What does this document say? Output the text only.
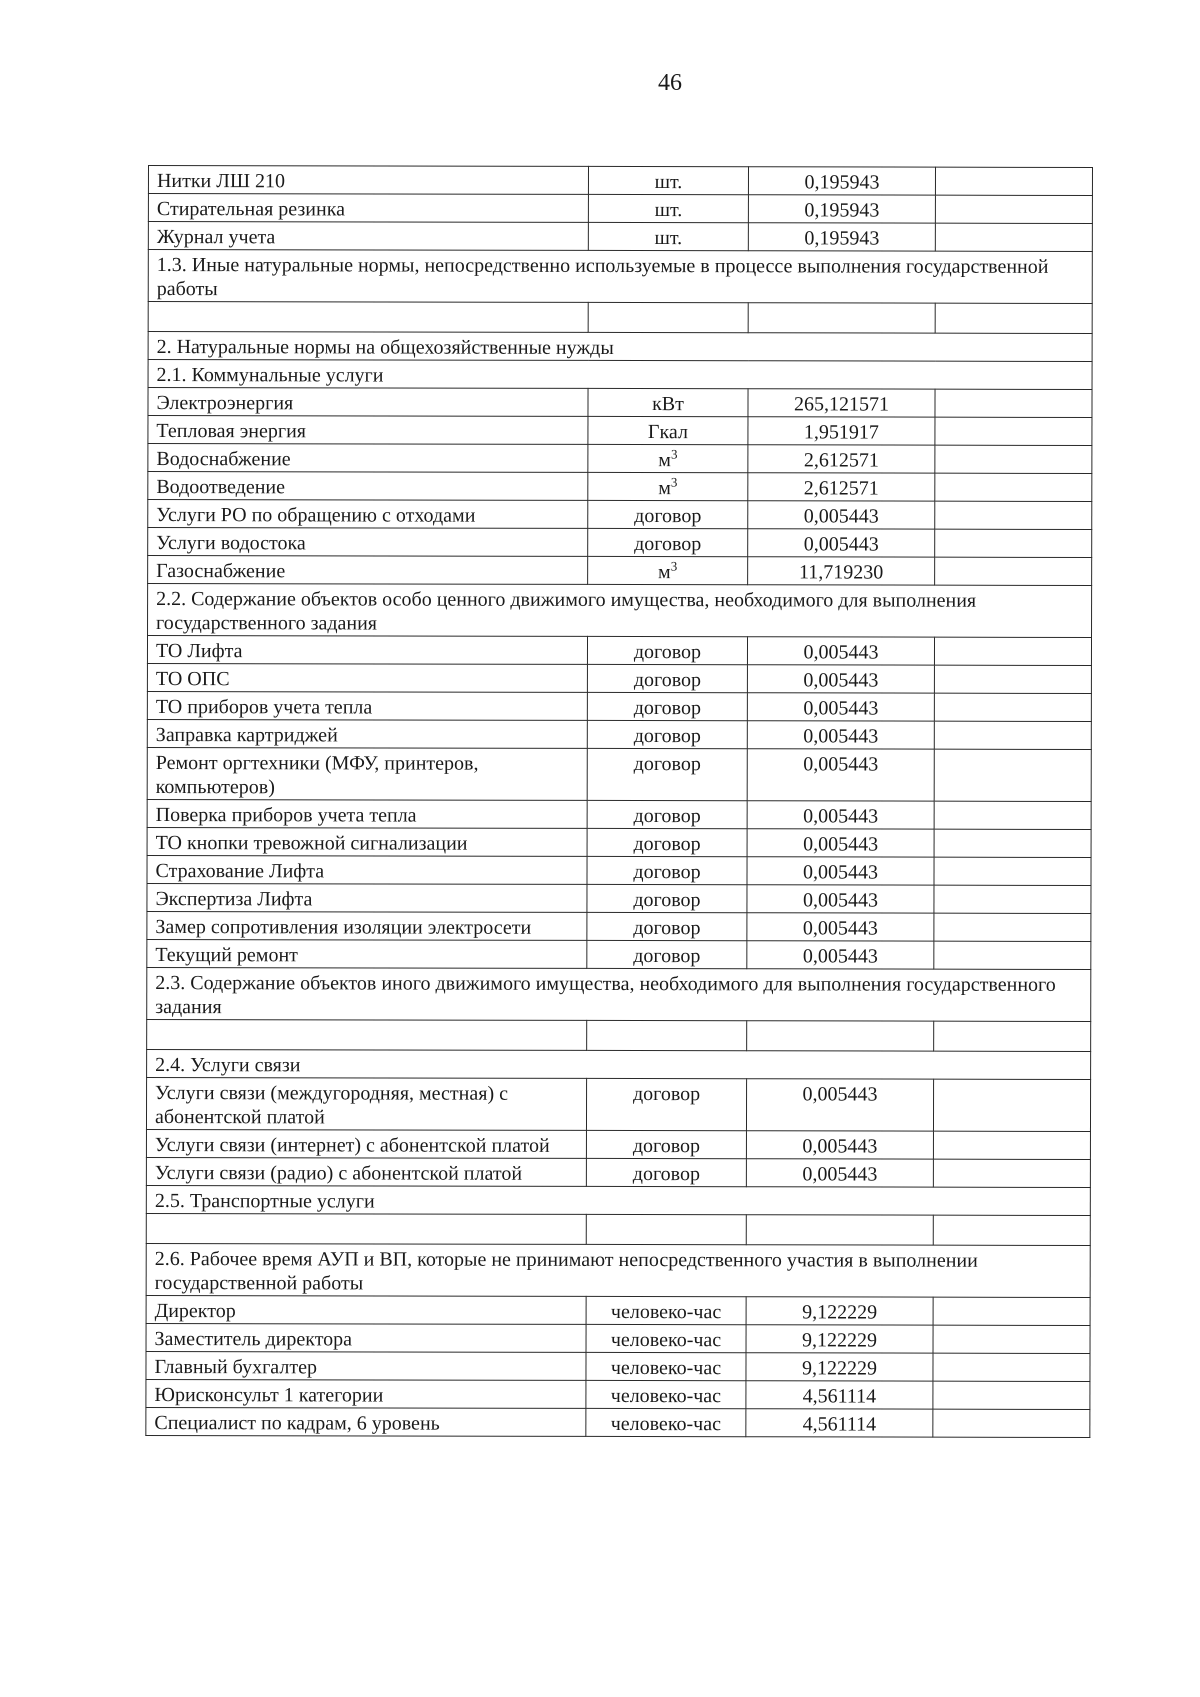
46
Нитки ЛШ 210	шт.	0,195943	
Стирательная резинка	шт.	0,195943	
Журнал учета	шт.	0,195943	
1.3. Иные натуральные нормы, непосредственно используемые в процессе выполнения государственной работы			

2. Натуральные нормы на общехозяйственные нужды			
2.1. Коммунальные услуги			
Электроэнергия	кВт	265,121571	
Тепловая энергия	Гкал	1,951917	
Водоснабжение	$м^3$	2,612571	
Водоотведение	$м^3$	2,612571	
Услуги РО по обращению с отходами	договор	0,005443	
Услуги водостока	договор	0,005443	
Газоснабжение	$м^3$	11,719230	
2.2. Содержание объектов особо ценного движимого имущества, необходимого для выполнения государственного задания			
ТО Лифта	договор	0,005443	
ТО ОПС	договор	0,005443	
ТО приборов учета тепла	договор	0,005443	
Заправка картриджей	договор	0,005443	
Ремонт оргтехники (МФУ, принтеров, компьютеров)	договор	0,005443	
Поверка приборов учета тепла	договор	0,005443	
ТО кнопки тревожной сигнализации	договор	0,005443	
Страхование Лифта	договор	0,005443	
Экспертиза Лифта	договор	0,005443	
Замер сопротивления изоляции электросети	договор	0,005443	
Текущий ремонт	договор	0,005443	
2.3. Содержание объектов иного движимого имущества, необходимого для выполнения государственного задания			

2.4. Услуги связи			
Услуги связи (междугородняя, местная) с абонентской платой	договор	0,005443	
Услуги связи (интернет) с абонентской платой	договор	0,005443	
Услуги связи (радио) с абонентской платой	договор	0,005443	
2.5. Транспортные услуги			

2.6. Рабочее время АУП и ВП, которые не принимают непосредственного участия в выполнении государственной работы			
Директор	человеко-час	9,122229	
Заместитель директора	человеко-час	9,122229	
Главный бухгалтер	человеко-час	9,122229	
Юрисконсульт 1 категории	человеко-час	4,561114	
Специалист по кадрам, 6 уровень	человеко-час	4,561114	
